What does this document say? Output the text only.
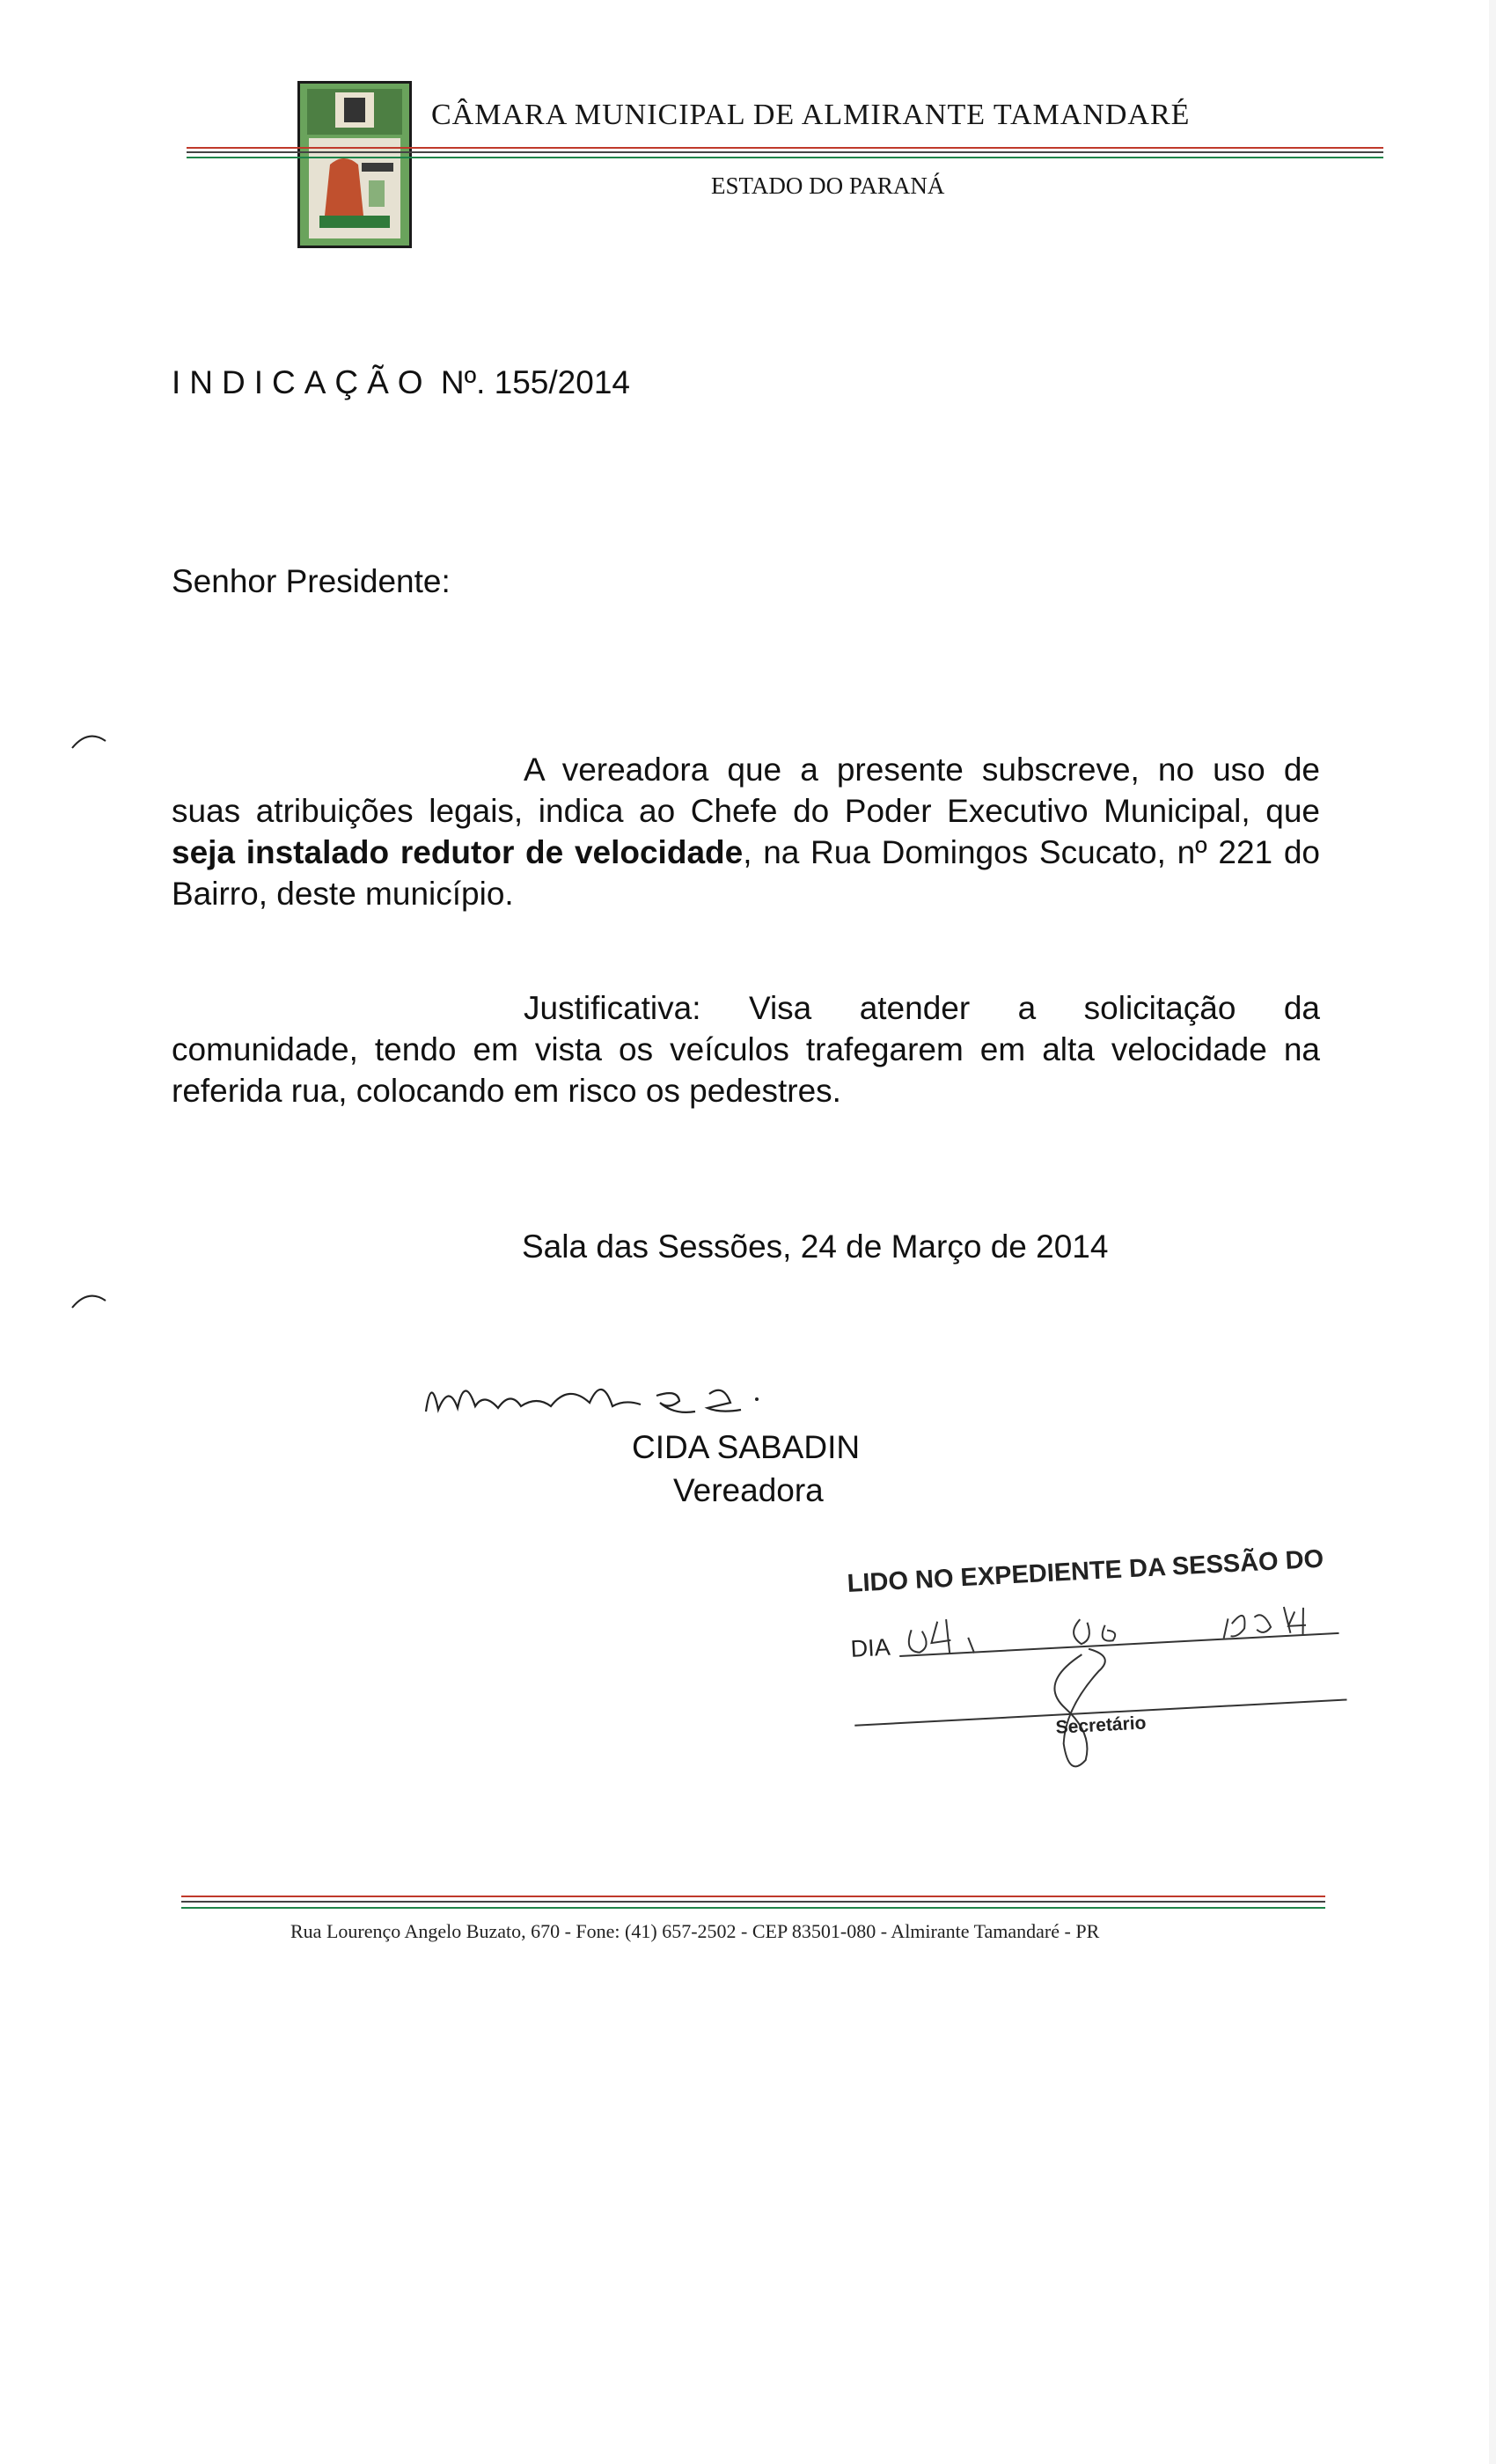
CÂMARA MUNICIPAL DE ALMIRANTE TAMANDARÉ
ESTADO DO PARANÁ
INDICAÇÃO Nº. 155/2014
Senhor Presidente:
A vereadora que a presente subscreve, no uso de suas atribuições legais, indica ao Chefe do Poder Executivo Municipal, que seja instalado redutor de velocidade, na Rua Domingos Scucato, nº 221 do Bairro, deste município.
Justificativa: Visa atender a solicitação da comunidade, tendo em vista os veículos trafegarem em alta velocidade na referida rua, colocando em risco os pedestres.
Sala das Sessões, 24 de Março de 2014
CIDA SABADIN
Vereadora
LIDO NO EXPEDIENTE DA SESSÃO DO
DIA
Secretário
Rua Lourenço Angelo Buzato, 670 - Fone: (41) 657-2502 - CEP 83501-080 - Almirante Tamandaré - PR
